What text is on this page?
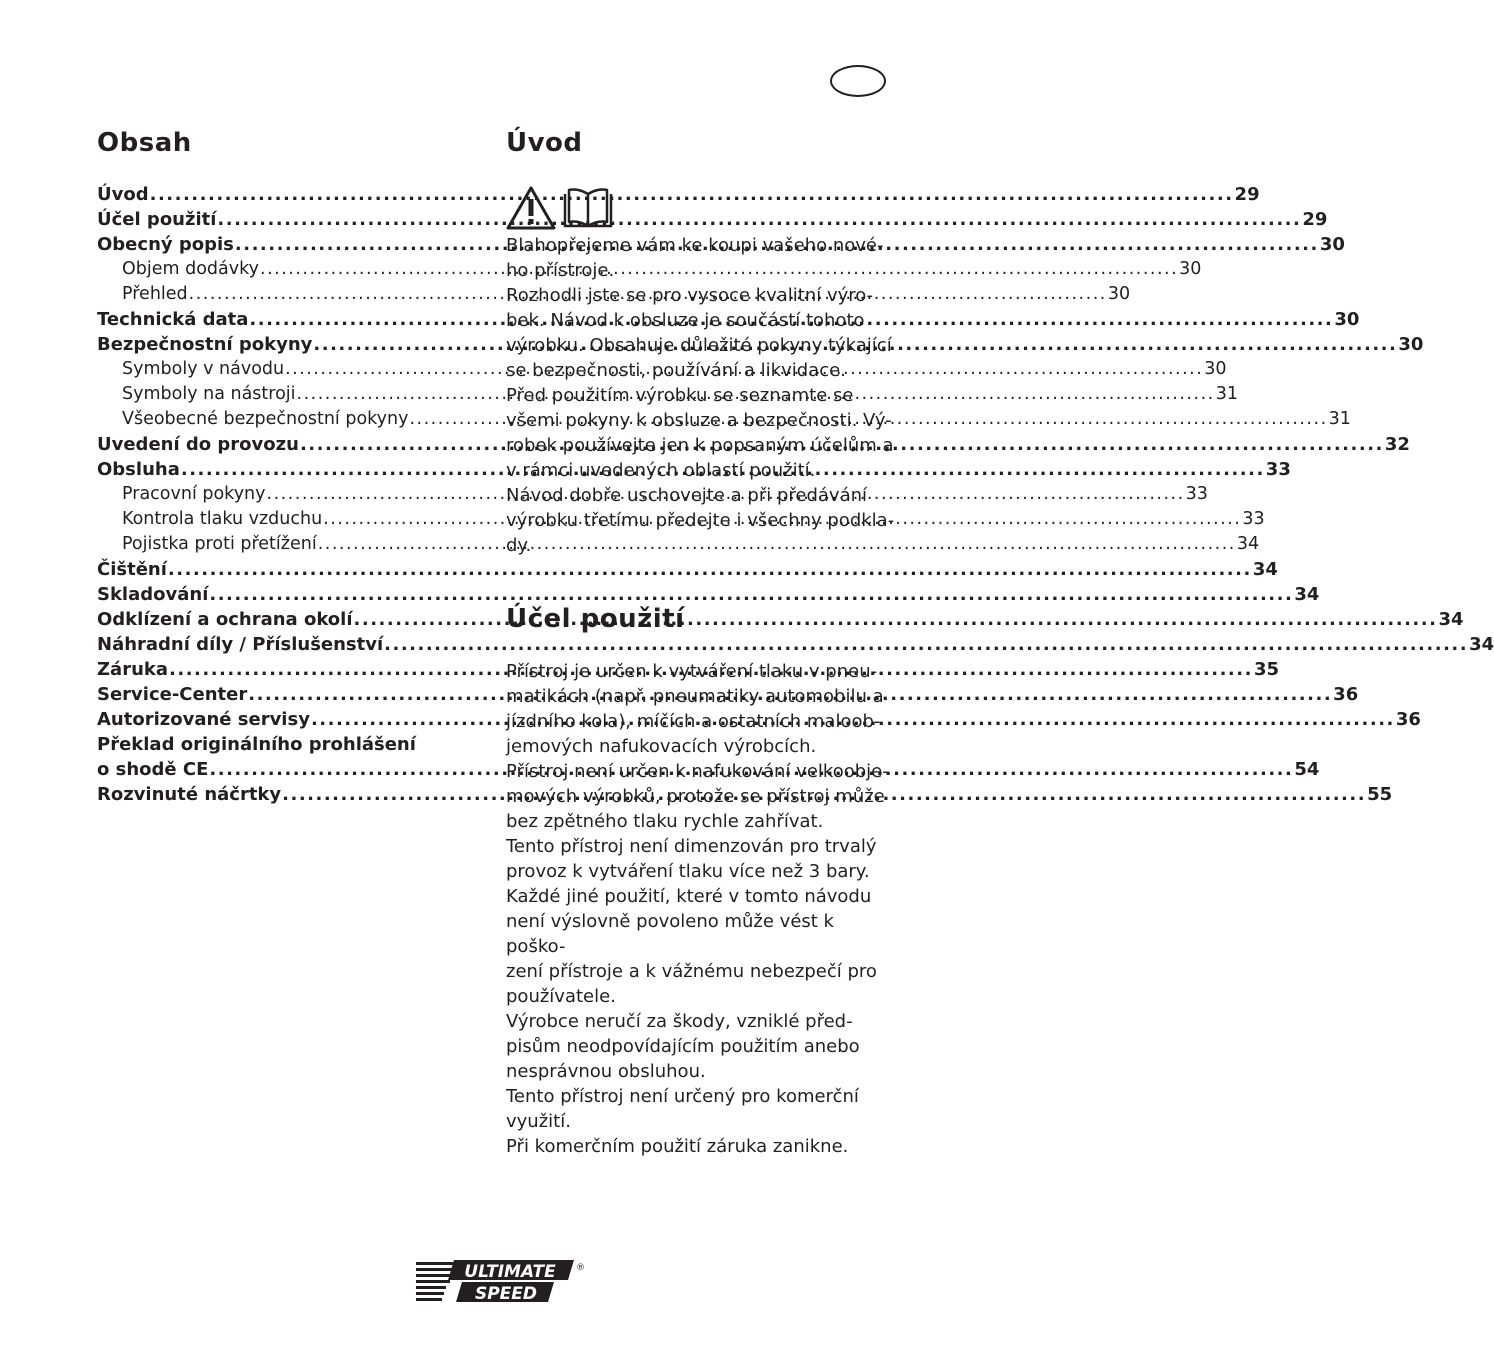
Obsah
Úvod .....	29
Účel použití .....	29
Obecný popis .....	30
Objem dodávky .....	30
Přehled .....	30
Technická data .....	30
Bezpečnostní pokyny .....	30
Symboly v návodu .....	30
Symboly na nástroji .....	31
Všeobecné bezpečnostní pokyny .....	31
Uvedení do provozu .....	32
Obsluha .....	33
Pracovní pokyny .....	33
Kontrola tlaku vzduchu .....	33
Pojistka proti přetížení .....	34
Čištění .....	34
Skladování .....	34
Odklízení a ochrana okolí .....	34
Náhradní díly / Příslušenství .....	34
Záruka .....	35
Service-Center .....	36
Autorizované servisy .....	36
Překlad originálního prohlášení
o shodě CE .....	54
Rozvinuté náčrtky .....	55
Úvod

Blahopřejeme vám ke koupi vašeho nové-

ho přístroje.

Rozhodli jste se pro vysoce kvalitní výro-

bek. Návod k obsluze je součástí tohoto

výrobku. Obsahuje důležité pokyny týkající

se bezpečnosti, používání a likvidace.

Před použitím výrobku se seznamte se

všemi pokyny k obsluze a bezpečnosti. Vý-

robek používejte jen k popsaným účelům a

v rámci uvedených oblastí použití.

Návod dobře uschovejte a při předávání

výrobku třetímu předejte i všechny podkla-

dy.

Účel použití

Přístroj je určen k vytváření tlaku v pneu-

matikách (např. pneumatiky automobilu a

jízdního kola), míčích a ostatních maloob-

jemových nafukovacích výrobcích.

Přístroj není určen k nafukování velkoobje-

mových výrobků, protože se přístroj může

bez zpětného tlaku rychle zahřívat.

Tento přístroj není dimenzován pro trvalý

provoz k vytváření tlaku více než 3 bary.

Každé jiné použití, které v tomto návodu

není výslovně povoleno může vést k poško-

zení přístroje a k vážnému nebezpečí pro

používatele.

Výrobce neručí za škody, vzniklé před-

pisům neodpovídajícím použitím anebo

nesprávnou obsluhou.

Tento přístroj není určený pro komerční

využití.

Při komerčním použití záruka zanikne.

ULTIMATE
SPEED
®
